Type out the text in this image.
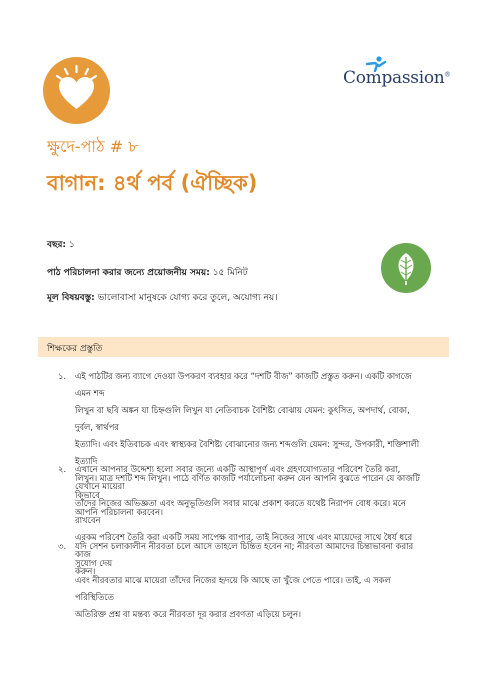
Compassion®
ক্ষুদে-পাঠ # ৮
বাগান: ৪র্থ পর্ব (ঐচ্ছিক)
বছর: ১
পাঠ পরিচালনা করার জন্যে প্রয়োজনীয় সময়: ১৫ মিনিট
মূল বিষয়বস্তু: ভালোবাসা মানুষকে যোগ্য করে তুলে, অযোগ্য নয়।
শিক্ষকের প্রস্তুতি
১. এই পাঠটির জন্য ব্যাগে দেওয়া উপকরণ ব্যবহার করে “দশটি বীজ” কাজটি প্রস্তুত করুন। একটি কাগজে এমন শব্দ
লিখুন বা ছবি অঙ্কন যা চিহ্নগুলি লিখুন যা নেতিবাচক বৈশিষ্ট্য বোঝায় যেমন: কুৎসিত, অপদার্থ, বোকা, দুর্বল, স্বার্থপর
ইত্যাদি। এবং ইতিবাচক এবং স্বাস্থ্যকর বৈশিষ্ট্য বোঝানোর জন্য শব্দগুলি যেমন: সুন্দর, উপকারী, শক্তিশালী ইত্যাদি
লিখুন। মাত্র দশটি শব্দ লিখুন। পাঠে বর্ণিত কাজটি পর্যালোচনা করুন যেন আপনি বুঝতে পারেন যে কাজটি কিভাবে
আপনি পরিচালনা করবেন।
২. এখানে আপনার উদ্দেশ্য হলো সবার জন্যে একটি আস্থাপূর্ণ এবং গ্রহণযোগ্যতার পরিবেশ তৈরি করা, যেখানে মায়েরা
তাঁদের নিজের অভিজ্ঞতা এবং অনুভূতিগুলি সবার মাঝে প্রকাশ করতে যথেষ্ট নিরাপদ বোধ করে। মনে রাখবেন
এরকম পরিবেশ তৈরি করা একটি সময় সাপেক্ষ ব্যাপার, তাই নিজের সাথে এবং মায়েদের সাথে ধৈর্য ধরে কাজ
করুন।
৩. যদি সেশন চলাকালীন নীরবতা চলে আসে তাহলে চিন্তিত হবেন না; নীরবতা আমাদের চিন্তাভাবনা করার সুযোগ দেয়
এবং নীরবতার মাঝে মায়েরা তাঁদের নিজের হৃদয়ে কি আছে তা খুঁজে পেতে পারে। তাই, এ সকল পরিস্থিতিতে
অতিরিক্ত প্রশ্ন বা মন্তব্য করে নীরবতা দূর করার প্রবণতা এড়িয়ে চলুন।
